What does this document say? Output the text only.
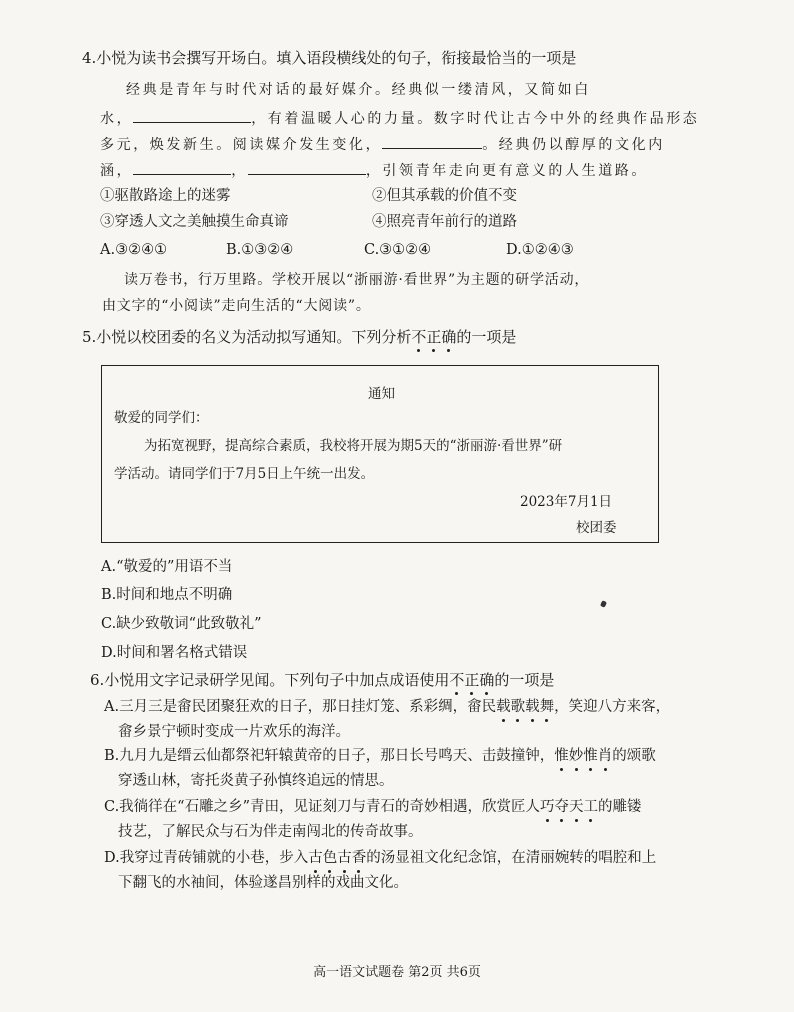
4.小悦为读书会撰写开场白。填入语段横线处的句子，衔接最恰当的一项是
经典是青年与时代对话的最好媒介。经典似一缕清风，又简如白
水，	，有着温暖人心的力量。数字时代让古今中外的经典作品形态
多元，焕发新生。阅读媒介发生变化，	。经典仍以醇厚的文化内
涵，	，	，引领青年走向更有意义的人生道路。
①驱散路途上的迷雾	②但其承载的价值不变
③穿透人文之美触摸生命真谛	④照亮青年前行的道路
A.③②④①	B.①③②④	C.③①②④	D.①②④③
读万卷书，行万里路。学校开展以“浙丽游·看世界”为主题的研学活动，
由文字的“小阅读”走向生活的“大阅读”。
5.小悦以校团委的名义为活动拟写通知。下列分析不正确的一项是
通知
敬爱的同学们：
为拓宽视野，提高综合素质，我校将开展为期5天的“浙丽游·看世界”研
学活动。请同学们于7月5日上午统一出发。
2023年7月1日
校团委
A.“敬爱的”用语不当
B.时间和地点不明确
C.缺少致敬词“此致敬礼”
D.时间和署名格式错误
6.小悦用文字记录研学见闻。下列句子中加点成语使用不正确的一项是
A.三月三是畲民团聚狂欢的日子，那日挂灯笼、系彩绸，畲民载歌载舞，笑迎八方来客，
畲乡景宁顿时变成一片欢乐的海洋。
B.九月九是缙云仙都祭祀轩辕黄帝的日子，那日长号鸣天、击鼓撞钟，惟妙惟肖的颂歌
穿透山林，寄托炎黄子孙慎终追远的情思。
C.我徜徉在“石雕之乡”青田，见证刻刀与青石的奇妙相遇，欣赏匠人巧夺天工的雕镂
技艺，了解民众与石为伴走南闯北的传奇故事。
D.我穿过青砖铺就的小巷，步入古色古香的汤显祖文化纪念馆，在清丽婉转的唱腔和上
下翻飞的水袖间，体验遂昌别样的戏曲文化。
高一语文试题卷 第2页 共6页
